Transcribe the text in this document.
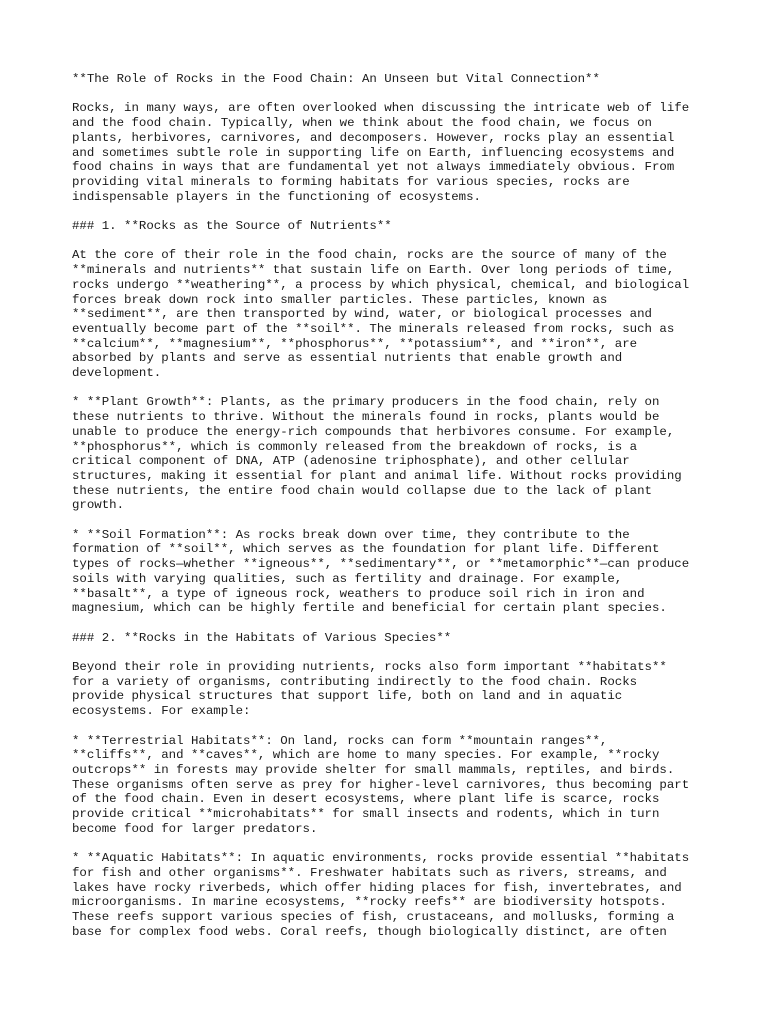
**The Role of Rocks in the Food Chain: An Unseen but Vital Connection**
Rocks, in many ways, are often overlooked when discussing the intricate web of life
and the food chain. Typically, when we think about the food chain, we focus on
plants, herbivores, carnivores, and decomposers. However, rocks play an essential
and sometimes subtle role in supporting life on Earth, influencing ecosystems and
food chains in ways that are fundamental yet not always immediately obvious. From
providing vital minerals to forming habitats for various species, rocks are
indispensable players in the functioning of ecosystems.
### 1. **Rocks as the Source of Nutrients**
At the core of their role in the food chain, rocks are the source of many of the
**minerals and nutrients** that sustain life on Earth. Over long periods of time,
rocks undergo **weathering**, a process by which physical, chemical, and biological
forces break down rock into smaller particles. These particles, known as
**sediment**, are then transported by wind, water, or biological processes and
eventually become part of the **soil**. The minerals released from rocks, such as
**calcium**, **magnesium**, **phosphorus**, **potassium**, and **iron**, are
absorbed by plants and serve as essential nutrients that enable growth and
development.
* **Plant Growth**: Plants, as the primary producers in the food chain, rely on
these nutrients to thrive. Without the minerals found in rocks, plants would be
unable to produce the energy-rich compounds that herbivores consume. For example,
**phosphorus**, which is commonly released from the breakdown of rocks, is a
critical component of DNA, ATP (adenosine triphosphate), and other cellular
structures, making it essential for plant and animal life. Without rocks providing
these nutrients, the entire food chain would collapse due to the lack of plant
growth.
* **Soil Formation**: As rocks break down over time, they contribute to the
formation of **soil**, which serves as the foundation for plant life. Different
types of rocks—whether **igneous**, **sedimentary**, or **metamorphic**—can produce
soils with varying qualities, such as fertility and drainage. For example,
**basalt**, a type of igneous rock, weathers to produce soil rich in iron and
magnesium, which can be highly fertile and beneficial for certain plant species.
### 2. **Rocks in the Habitats of Various Species**
Beyond their role in providing nutrients, rocks also form important **habitats**
for a variety of organisms, contributing indirectly to the food chain. Rocks
provide physical structures that support life, both on land and in aquatic
ecosystems. For example:
* **Terrestrial Habitats**: On land, rocks can form **mountain ranges**,
**cliffs**, and **caves**, which are home to many species. For example, **rocky
outcrops** in forests may provide shelter for small mammals, reptiles, and birds.
These organisms often serve as prey for higher-level carnivores, thus becoming part
of the food chain. Even in desert ecosystems, where plant life is scarce, rocks
provide critical **microhabitats** for small insects and rodents, which in turn
become food for larger predators.
* **Aquatic Habitats**: In aquatic environments, rocks provide essential **habitats
for fish and other organisms**. Freshwater habitats such as rivers, streams, and
lakes have rocky riverbeds, which offer hiding places for fish, invertebrates, and
microorganisms. In marine ecosystems, **rocky reefs** are biodiversity hotspots.
These reefs support various species of fish, crustaceans, and mollusks, forming a
base for complex food webs. Coral reefs, though biologically distinct, are often
